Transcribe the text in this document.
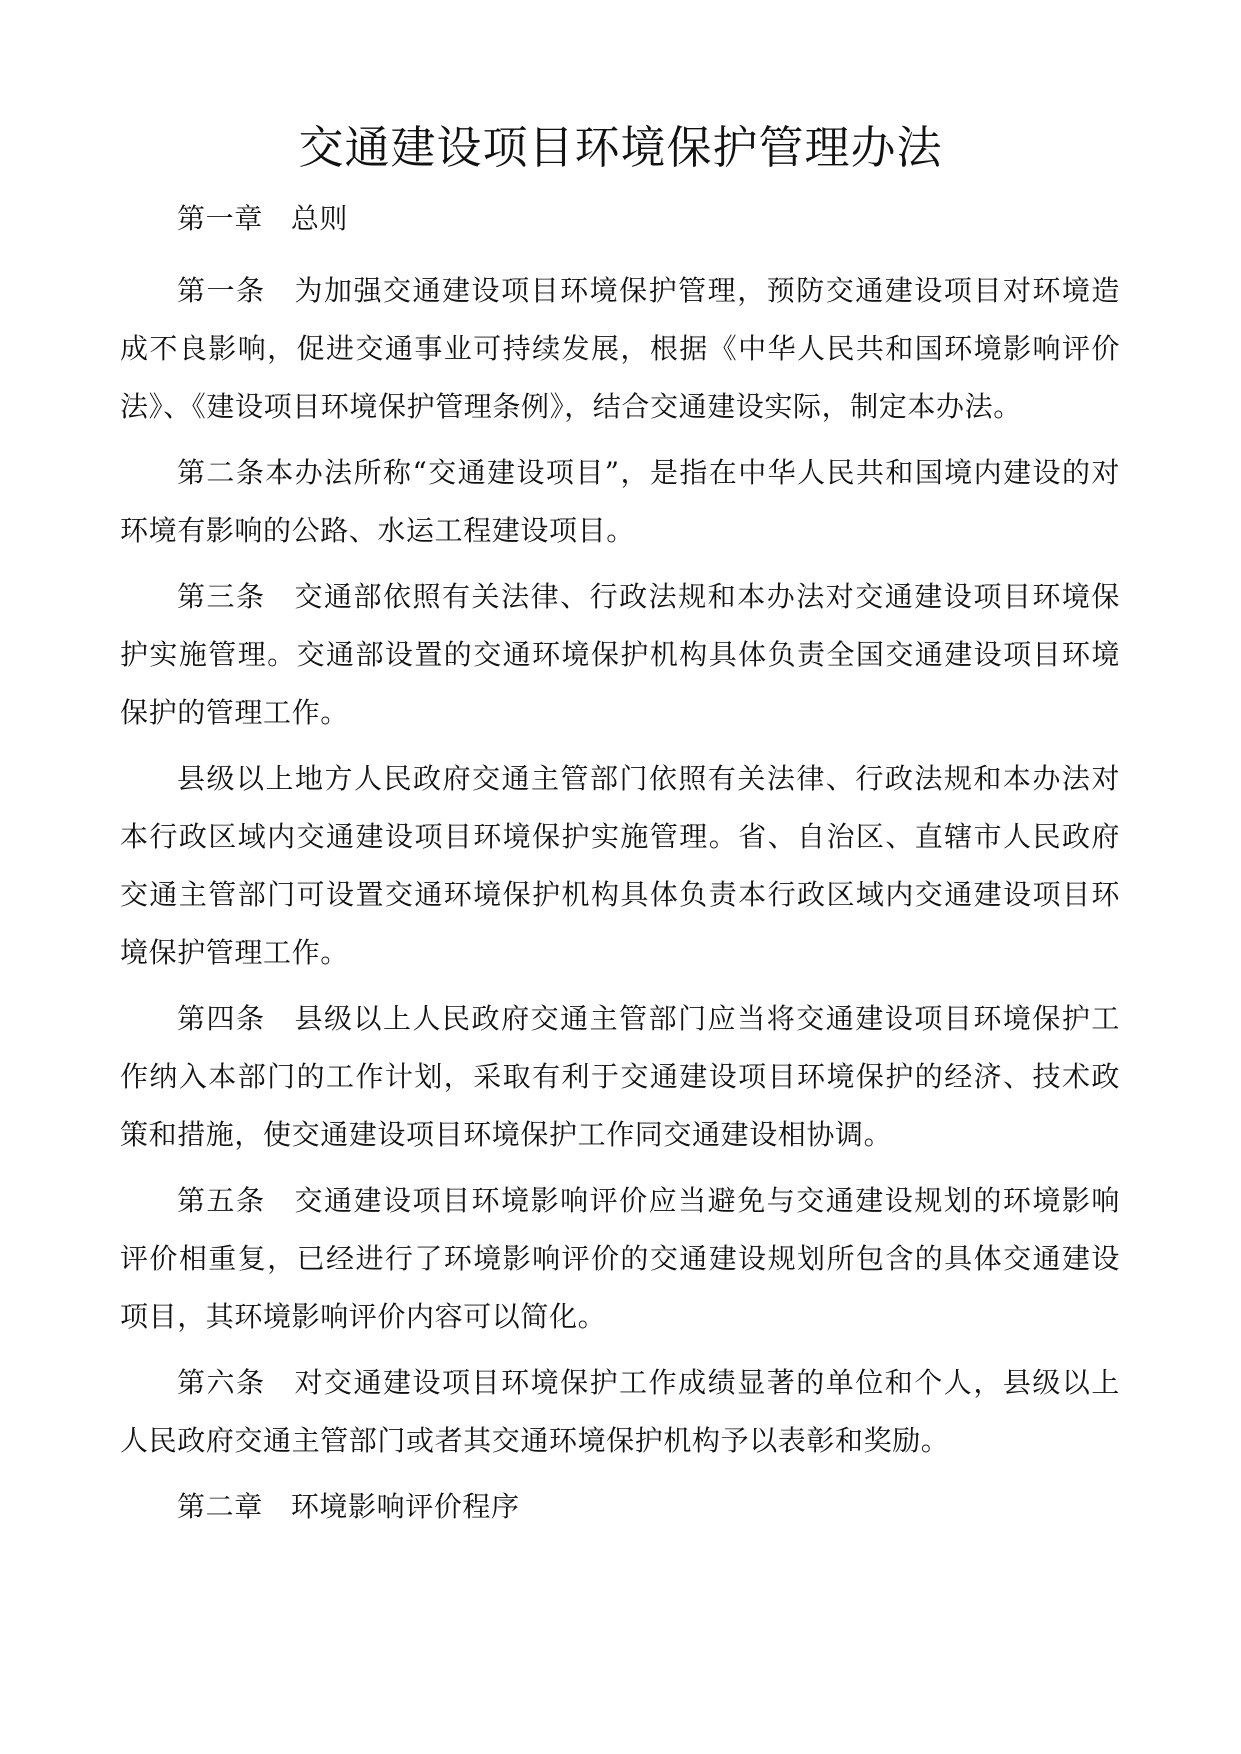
交通建设项目环境保护管理办法

第一章 总则

第一条 为加强交通建设项目环境保护管理，预防交通建设项目对环境造成不良影响，促进交通事业可持续发展，根据《中华人民共和国环境影响评价法》、《建设项目环境保护管理条例》，结合交通建设实际，制定本办法。

第二条本办法所称“交通建设项目”，是指在中华人民共和国境内建设的对环境有影响的公路、水运工程建设项目。

第三条 交通部依照有关法律、行政法规和本办法对交通建设项目环境保护实施管理。交通部设置的交通环境保护机构具体负责全国交通建设项目环境保护的管理工作。

县级以上地方人民政府交通主管部门依照有关法律、行政法规和本办法对本行政区域内交通建设项目环境保护实施管理。省、自治区、直辖市人民政府交通主管部门可设置交通环境保护机构具体负责本行政区域内交通建设项目环境保护管理工作。

第四条 县级以上人民政府交通主管部门应当将交通建设项目环境保护工作纳入本部门的工作计划，采取有利于交通建设项目环境保护的经济、技术政策和措施，使交通建设项目环境保护工作同交通建设相协调。

第五条 交通建设项目环境影响评价应当避免与交通建设规划的环境影响评价相重复，已经进行了环境影响评价的交通建设规划所包含的具体交通建设项目，其环境影响评价内容可以简化。

第六条 对交通建设项目环境保护工作成绩显著的单位和个人，县级以上人民政府交通主管部门或者其交通环境保护机构予以表彰和奖励。

第二章 环境影响评价程序
